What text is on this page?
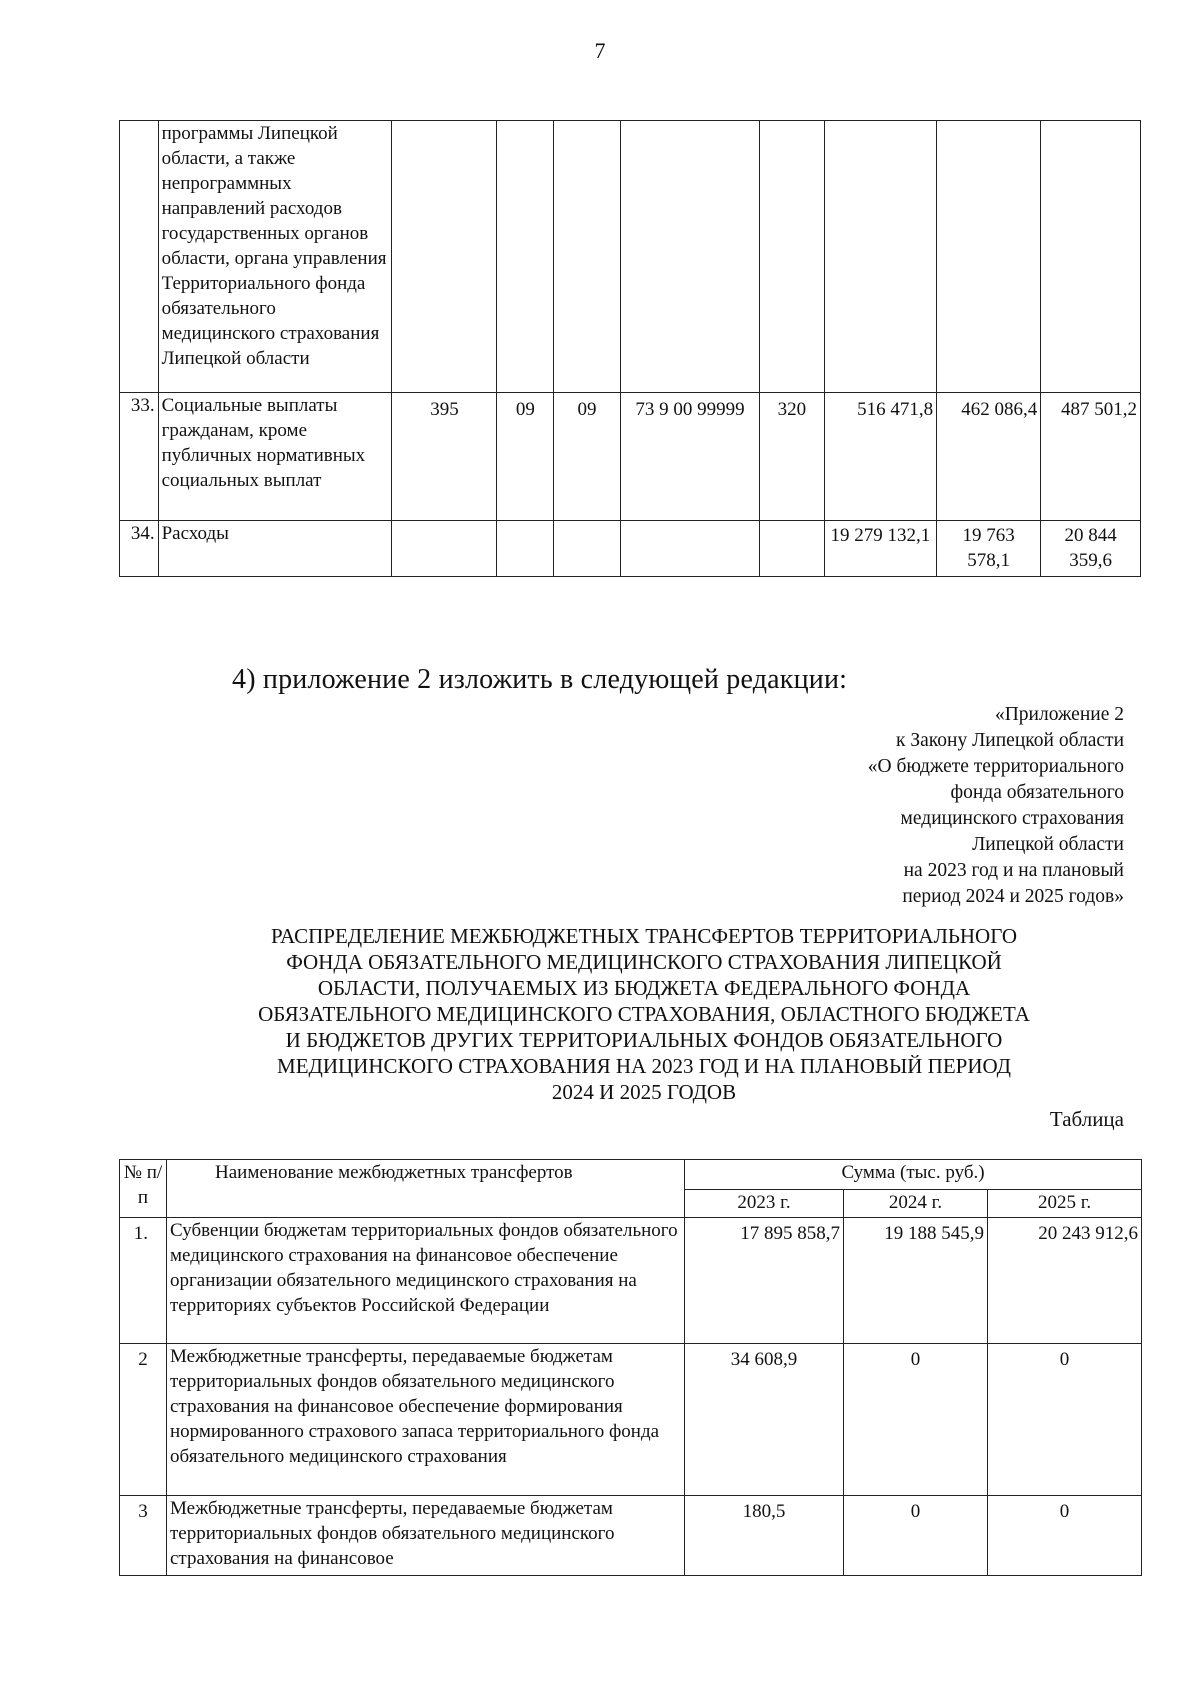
7
	программы Липецкой области, а также непрограммных направлений расходов государственных органов области, органа управления Территориального фонда обязательного медицинского страхования Липецкой области								
33.	Социальные выплаты гражданам, кроме публичных нормативных социальных выплат	395	09	09	73 9 00 99999	320	516 471,8	462 086,4	487 501,2
34.	Расходы						19 279 132,1	19 763 578,1	20 844 359,6
4) приложение 2 изложить в следующей редакции:
«Приложение 2
к Закону Липецкой области
«О бюджете территориального
фонда обязательного
медицинского страхования
Липецкой области
на 2023 год и на плановый
период 2024 и 2025 годов»
РАСПРЕДЕЛЕНИЕ МЕЖБЮДЖЕТНЫХ ТРАНСФЕРТОВ ТЕРРИТОРИАЛЬНОГО
ФОНДА ОБЯЗАТЕЛЬНОГО МЕДИЦИНСКОГО СТРАХОВАНИЯ ЛИПЕЦКОЙ
ОБЛАСТИ, ПОЛУЧАЕМЫХ ИЗ БЮДЖЕТА ФЕДЕРАЛЬНОГО ФОНДА
ОБЯЗАТЕЛЬНОГО МЕДИЦИНСКОГО СТРАХОВАНИЯ, ОБЛАСТНОГО БЮДЖЕТА
И БЮДЖЕТОВ ДРУГИХ ТЕРРИТОРИАЛЬНЫХ ФОНДОВ ОБЯЗАТЕЛЬНОГО
МЕДИЦИНСКОГО СТРАХОВАНИЯ НА 2023 ГОД И НА ПЛАНОВЫЙ ПЕРИОД
2024 И 2025 ГОДОВ
Таблица
№ п/п	Наименование межбюджетных трансфертов	Сумма (тыс. руб.)		
		2023 г.	2024 г.	2025 г.
1.	Субвенции бюджетам территориальных фондов обязательного медицинского страхования на финансовое обеспечение организации обязательного медицинского страхования на территориях субъектов Российской Федерации	17 895 858,7	19 188 545,9	20 243 912,6
2	Межбюджетные трансферты, передаваемые бюджетам территориальных фондов обязательного медицинского страхования на финансовое обеспечение формирования нормированного страхового запаса территориального фонда обязательного медицинского страхования	34 608,9	0	0
3	Межбюджетные трансферты, передаваемые бюджетам территориальных фондов обязательного медицинского страхования на финансовое	180,5	0	0
